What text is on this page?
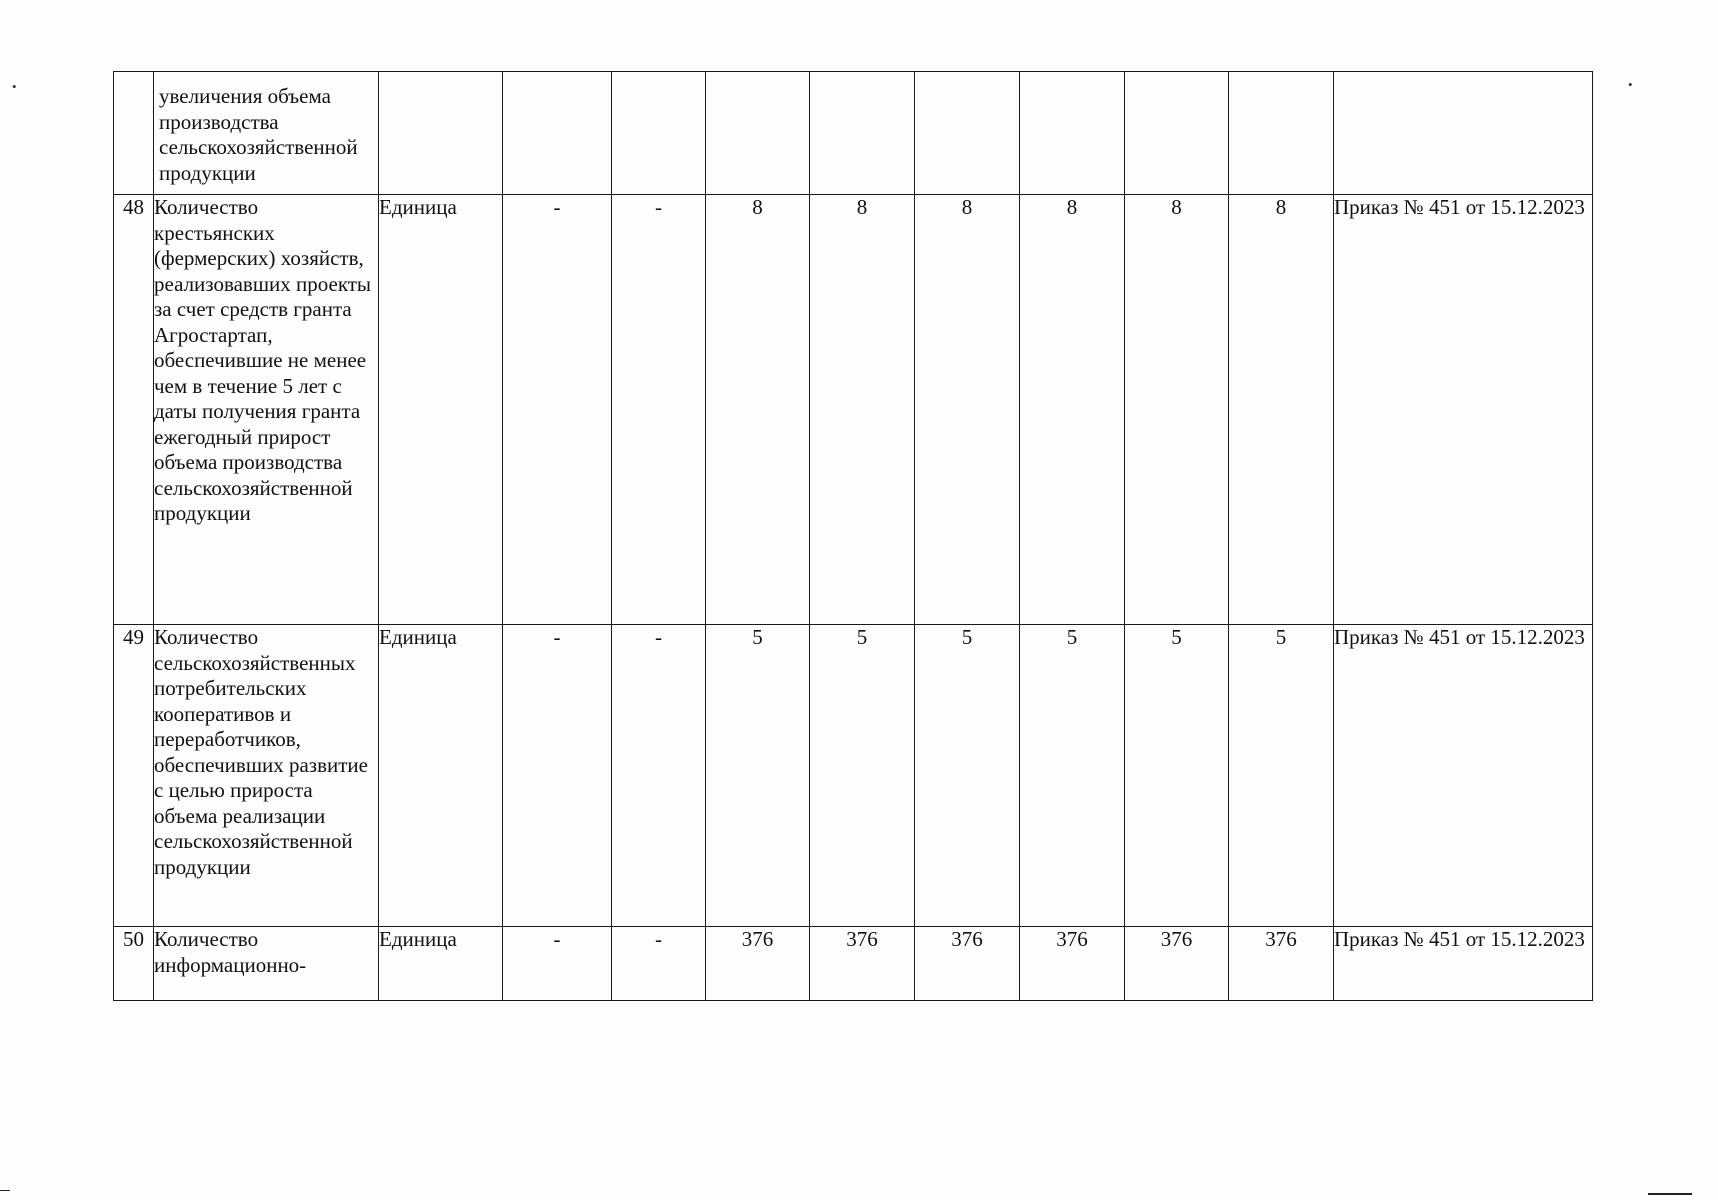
•	•

	увеличения объема производства сельскохозяйственной продукции										

48	Количество крестьянских (фермерских) хозяйств, реализовавших проекты за счет средств гранта Агростартап, обеспечившие не менее чем в течение 5 лет с даты получения гранта ежегодный прирост объема производства сельскохозяйственной продукции	Единица	-	-	8	8	8	8	8	8	Приказ № 451 от 15.12.2023
49	Количество сельскохозяйственных потребительских кооперативов и переработчиков, обеспечивших развитие с целью прироста объема реализации сельскохозяйственной продукции	Единица	-	-	5	5	5	5	5	5	Приказ № 451 от 15.12.2023
50	Количество информационно-	Единица	-	-	376	376	376	376	376	376	Приказ № 451 от 15.12.2023
